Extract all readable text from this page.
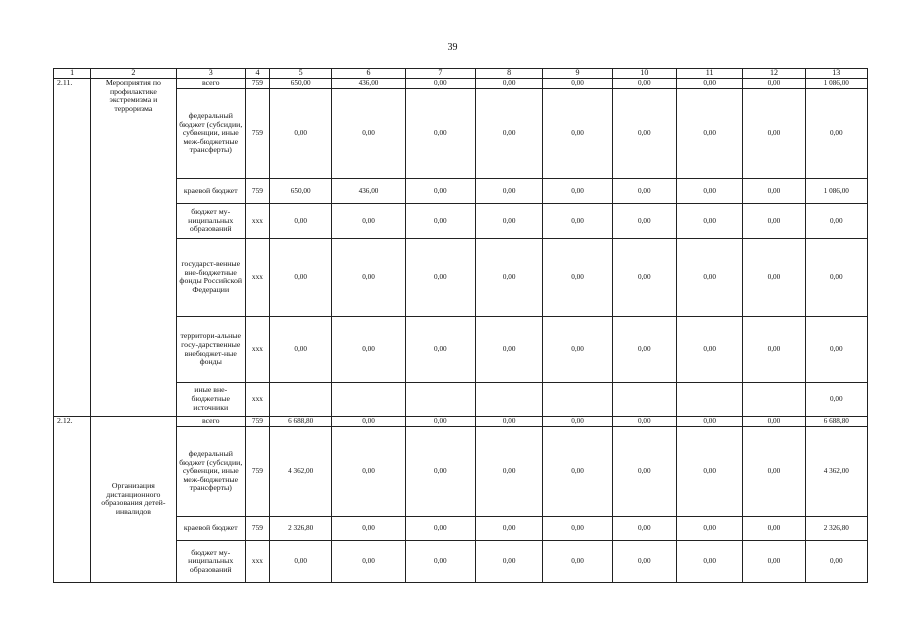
39
1	2	3	4	5	6	7	8	9	10	11	12	13
2.11.	Мероприятия по профилактике экстремизма и терроризма	всего	759	650,00	436,00	0,00	0,00	0,00	0,00	0,00	0,00	1 086,00
		федеральный бюджет (субсидии, субвенции, иные меж-бюджетные трансферты)	759	0,00	0,00	0,00	0,00	0,00	0,00	0,00	0,00	0,00
		краевой бюджет	759	650,00	436,00	0,00	0,00	0,00	0,00	0,00	0,00	1 086,00
		бюджет му-ниципальных образований	ххх	0,00	0,00	0,00	0,00	0,00	0,00	0,00	0,00	0,00
		государст-венные вне-бюджетные фонды Российской Федерации	ххх	0,00	0,00	0,00	0,00	0,00	0,00	0,00	0,00	0,00
		территори-альные госу-дарственные внебюджет-ные фонды	ххх	0,00	0,00	0,00	0,00	0,00	0,00	0,00	0,00	0,00
		иные вне-бюджетные источники	ххх									0,00
2.12.	Организация дистанционного образования детей-инвалидов	всего	759	6 688,80	0,00	0,00	0,00	0,00	0,00	0,00	0,00	6 688,80
		федеральный бюджет (субсидии, субвенции, иные меж-бюджетные трансферты)	759	4 362,00	0,00	0,00	0,00	0,00	0,00	0,00	0,00	4 362,00
		краевой бюджет	759	2 326,80	0,00	0,00	0,00	0,00	0,00	0,00	0,00	2 326,80
		бюджет му-ниципальных образований	ххх	0,00	0,00	0,00	0,00	0,00	0,00	0,00	0,00	0,00
